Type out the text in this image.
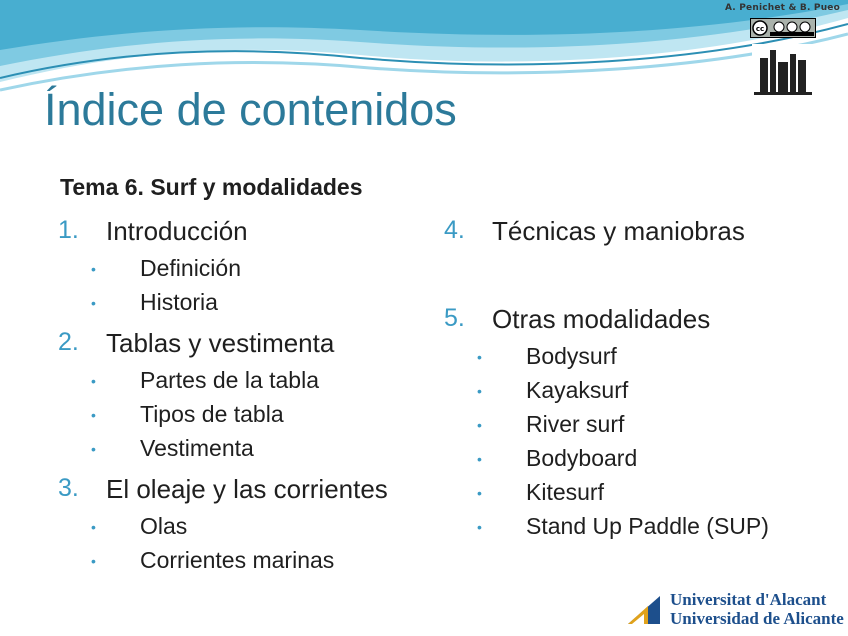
A. Penichet & B. Pueo
cc
Índice de contenidos
Tema 6. Surf y modalidades
1. Introducción
• Definición
• Historia
2. Tablas y vestimenta
• Partes de la tabla
• Tipos de tabla
• Vestimenta
3. El oleaje y las corrientes
• Olas
• Corrientes marinas
4. Técnicas y maniobras
5. Otras modalidades
• Bodysurf
• Kayaksurf
• River surf
• Bodyboard
• Kitesurf
• Stand Up Paddle (SUP)
Universitat d'Alacant
Universidad de Alicante
